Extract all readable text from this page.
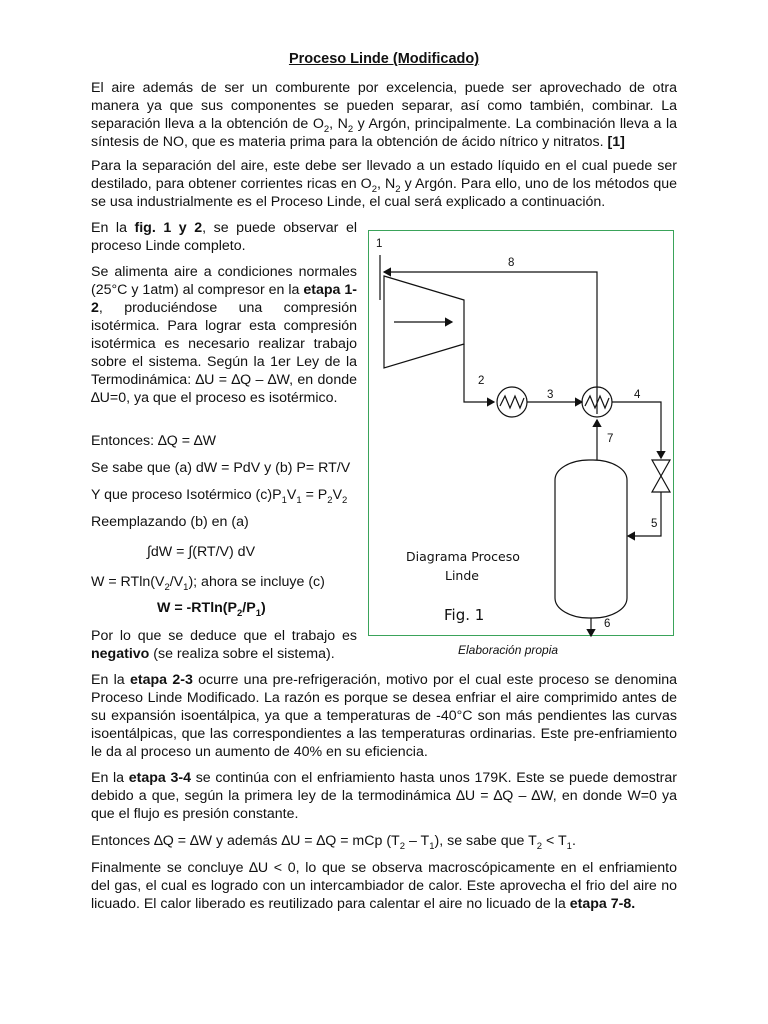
Proceso Linde (Modificado)
El aire además de ser un comburente por excelencia, puede ser aprovechado de otra manera ya que sus componentes se pueden separar, así como también, combinar. La separación lleva a la obtención de $O_2$, $N_2$ y Argón, principalmente. La combinación lleva a la síntesis de NO, que es materia prima para la obtención de ácido nítrico y nitratos. [1]
Para la separación del aire, este debe ser llevado a un estado líquido en el cual puede ser destilado, para obtener corrientes ricas en $O_2$, $N_2$ y Argón. Para ello, uno de los métodos que se usa industrialmente es el Proceso Linde, el cual será explicado a continuación.
En la fig. 1 y 2, se puede observar el proceso Linde completo.
Se alimenta aire a condiciones normales (25°C y 1atm) al compresor en la etapa 1-2, produciéndose una compresión isotérmica. Para lograr esta compresión isotérmica es necesario realizar trabajo sobre el sistema. Según la 1er Ley de la Termodinámica: ∆U = ∆Q – ∆W, en donde ∆U=0, ya que el proceso es isotérmico.
Entonces: ∆Q = ∆W
Se sabe que (a) dW = PdV y (b) P= RT/V
Y que proceso Isotérmico $(c)P_1V_1 = P_2V_2$
Reemplazando (b) en (a)
∫dW = ∫(RT/V) dV
$W = RTln(V_2/V_1)$; ahora se incluye (c)
$W = -RTln(P_2/P_1)$
Por lo que se deduce que el trabajo es negativo (se realiza sobre el sistema).
En la etapa 2-3 ocurre una pre-refrigeración, motivo por el cual este proceso se denomina Proceso Linde Modificado. La razón es porque se desea enfriar el aire comprimido antes de su expansión isoentálpica, ya que a temperaturas de -40°C son más pendientes las curvas isoentálpicas, que las correspondientes a las temperaturas ordinarias. Este pre-enfriamiento le da al proceso un aumento de 40% en su eficiencia.
En la etapa 3-4 se continúa con el enfriamiento hasta unos 179K. Este se puede demostrar debido a que, según la primera ley de la termodinámica ∆U = ∆Q – ∆W, en donde W=0 ya que el flujo es presión constante.
Entonces ∆Q = ∆W y además ∆U = ∆Q = mCp $(T_2 - T_1)$, se sabe que $T_2 < T_1$.
Finalmente se concluye ∆U < 0, lo que se observa macroscópicamente en el enfriamiento del gas, el cual es logrado con un intercambiador de calor. Este aprovecha el frio del aire no licuado. El calor liberado es reutilizado para calentar el aire no licuado de la etapa 7-8.
1
8
2
3	4
7
5
6
Diagrama Proceso
Linde
Fig. 1
Elaboración propia
